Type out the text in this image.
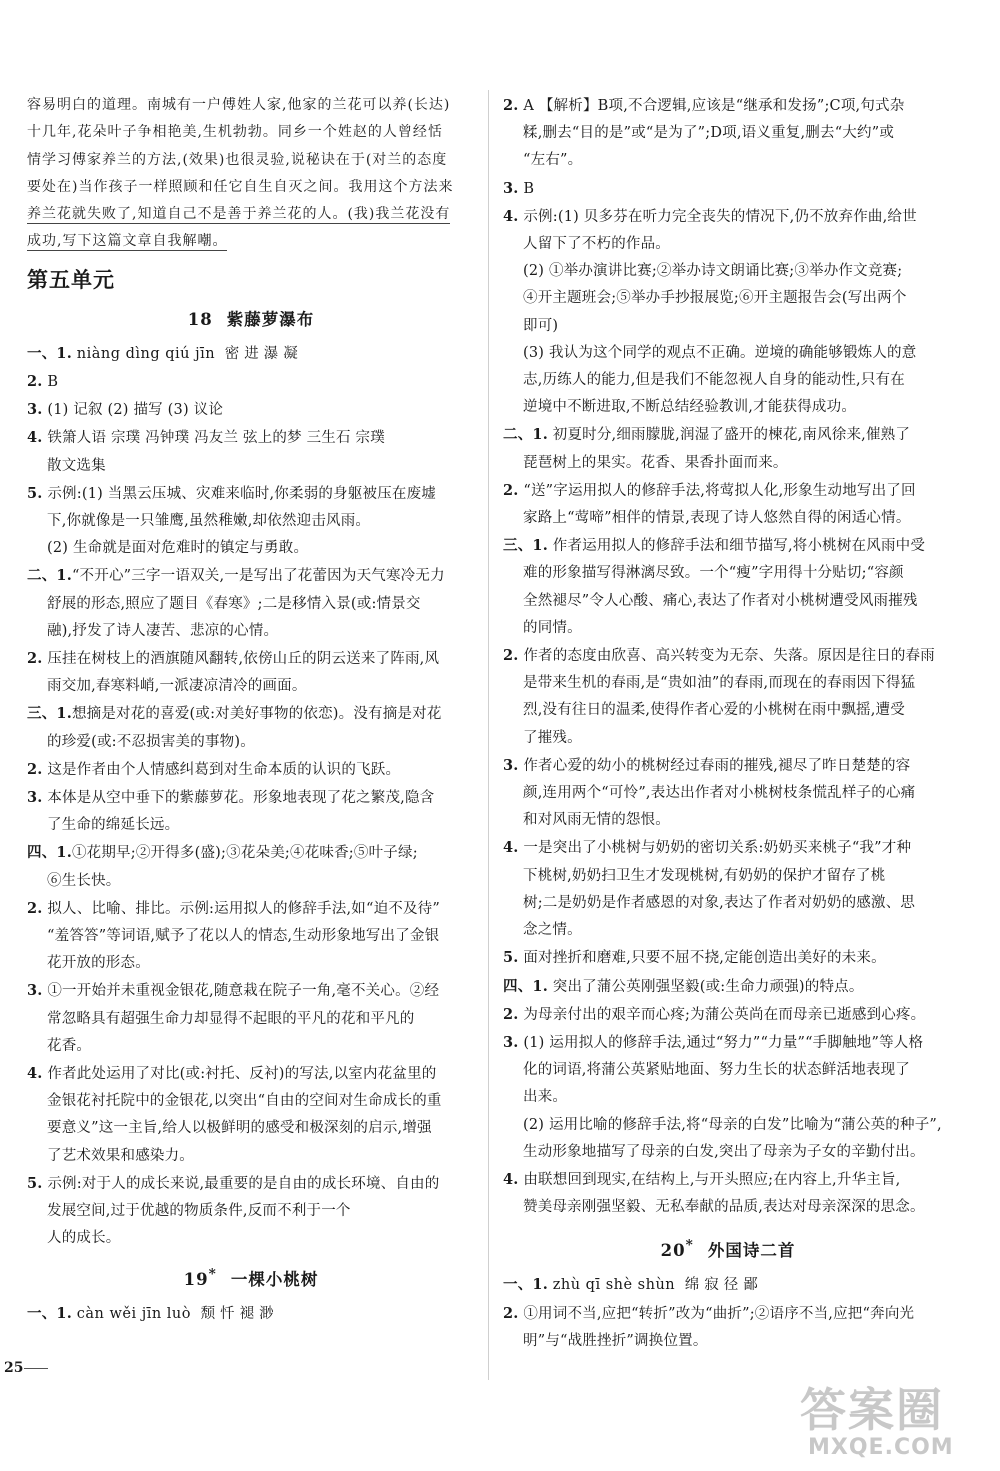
容易明白的道理。南城有一户傅姓人家,他家的兰花可以养(长达)
十几年,花朵叶子争相艳美,生机勃勃。同乡一个姓赵的人曾经恬
情学习傅家养兰的方法,(效果)也很灵验,说秘诀在于(对兰的态度
要处在)当作孩子一样照顾和任它自生自灭之间。我用这个方法来
养兰花就失败了,知道自己不是善于养兰花的人。(我)我兰花没有
成功,写下这篇文章自我解嘲。
第五单元
18 紫藤萝瀑布

一、1. niàng dìng qiú jīn 密 进 瀑 凝

2. B

3. (1) 记叙 (2) 描写 (3) 议论

4. 铁箫人语 宗璞 冯钟璞 冯友兰 弦上的梦 三生石 宗璞

散文选集

5. 示例:(1) 当黑云压城、灾难来临时,你柔弱的身躯被压在废墟

下,你就像是一只雏鹰,虽然稚嫩,却依然迎击风雨。

(2) 生命就是面对危难时的镇定与勇敢。

二、1.“不开心”三字一语双关,一是写出了花蕾因为天气寒冷无力

舒展的形态,照应了题目《春寒》;二是移情入景(或:情景交

融),抒发了诗人凄苦、悲凉的心情。

2. 压挂在树枝上的酒旗随风翻转,依傍山丘的阴云送来了阵雨,风

雨交加,春寒料峭,一派凄凉清冷的画面。

三、1.想摘是对花的喜爱(或:对美好事物的依恋)。没有摘是对花

的珍爱(或:不忍损害美的事物)。

2. 这是作者由个人情感纠葛到对生命本质的认识的飞跃。

3. 本体是从空中垂下的紫藤萝花。形象地表现了花之繁茂,隐含

了生命的绵延长远。

四、1.①花期早;②开得多(盛);③花朵美;④花味香;⑤叶子绿;

⑥生长快。

2. 拟人、比喻、排比。示例:运用拟人的修辞手法,如“迫不及待”

“羞答答”等词语,赋予了花以人的情态,生动形象地写出了金银

花开放的形态。

3. ①一开始并未重视金银花,随意栽在院子一角,毫不关心。②经

常忽略具有超强生命力却显得不起眼的平凡的花和平凡的

花香。

4. 作者此处运用了对比(或:衬托、反衬)的写法,以室内花盆里的

金银花衬托院中的金银花,以突出“自由的空间对生命成长的重

要意义”这一主旨,给人以极鲜明的感受和极深刻的启示,增强

了艺术效果和感染力。

5. 示例:对于人的成长来说,最重要的是自由的成长环境、自由的

发展空间,过于优越的物质条件,反而不利于一个

人的成长。

19* 一棵小桃树

一、1. càn wěi jīn luò 颓 忏 褪 渺

2. A 【解析】B项,不合逻辑,应该是“继承和发扬”;C项,句式杂

糅,删去“目的是”或“是为了”;D项,语义重复,删去“大约”或

“左右”。

3. B

4. 示例:(1) 贝多芬在听力完全丧失的情况下,仍不放弃作曲,给世

人留下了不朽的作品。

(2) ①举办演讲比赛;②举办诗文朗诵比赛;③举办作文竞赛;

④开主题班会;⑤举办手抄报展览;⑥开主题报告会(写出两个

即可)

(3) 我认为这个同学的观点不正确。逆境的确能够锻炼人的意

志,历练人的能力,但是我们不能忽视人自身的能动性,只有在

逆境中不断进取,不断总结经验教训,才能获得成功。

二、1. 初夏时分,细雨朦胧,润湿了盛开的楝花,南风徐来,催熟了

琵琶树上的果实。花香、果香扑面而来。

2. “送”字运用拟人的修辞手法,将莺拟人化,形象生动地写出了回

家路上“莺啼”相伴的情景,表现了诗人悠然自得的闲适心情。

三、1. 作者运用拟人的修辞手法和细节描写,将小桃树在风雨中受

难的形象描写得淋漓尽致。一个“瘦”字用得十分贴切;“容颜

全然褪尽”令人心酸、痛心,表达了作者对小桃树遭受风雨摧残

的同情。

2. 作者的态度由欣喜、高兴转变为无奈、失落。原因是往日的春雨

是带来生机的春雨,是“贵如油”的春雨,而现在的春雨因下得猛

烈,没有往日的温柔,使得作者心爱的小桃树在雨中飘摇,遭受

了摧残。

3. 作者心爱的幼小的桃树经过春雨的摧残,褪尽了昨日楚楚的容

颜,连用两个“可怜”,表达出作者对小桃树枝条慌乱样子的心痛

和对风雨无情的怨恨。

4. 一是突出了小桃树与奶奶的密切关系:奶奶买来桃子“我”才种

下桃树,奶奶扫卫生才发现桃树,有奶奶的保护才留存了桃

树;二是奶奶是作者感恩的对象,表达了作者对奶奶的感激、思

念之情。

5. 面对挫折和磨难,只要不屈不挠,定能创造出美好的未来。

四、1. 突出了蒲公英刚强坚毅(或:生命力顽强)的特点。

2. 为母亲付出的艰辛而心疼;为蒲公英尚在而母亲已逝感到心疼。

3. (1) 运用拟人的修辞手法,通过“努力”“力量”“手脚触地”等人格

化的词语,将蒲公英紧贴地面、努力生长的状态鲜活地表现了

出来。

(2) 运用比喻的修辞手法,将“母亲的白发”比喻为“蒲公英的种子”,

生动形象地描写了母亲的白发,突出了母亲为子女的辛勤付出。

4. 由联想回到现实,在结构上,与开头照应;在内容上,升华主旨,

赞美母亲刚强坚毅、无私奉献的品质,表达对母亲深深的思念。

20* 外国诗二首

一、1. zhù qī shè shùn 绵 寂 径 鄙

2. ①用词不当,应把“转折”改为“曲折”;②语序不当,应把“奔向光

明”与“战胜挫折”调换位置。

25
答案圈
MXQE.COM
